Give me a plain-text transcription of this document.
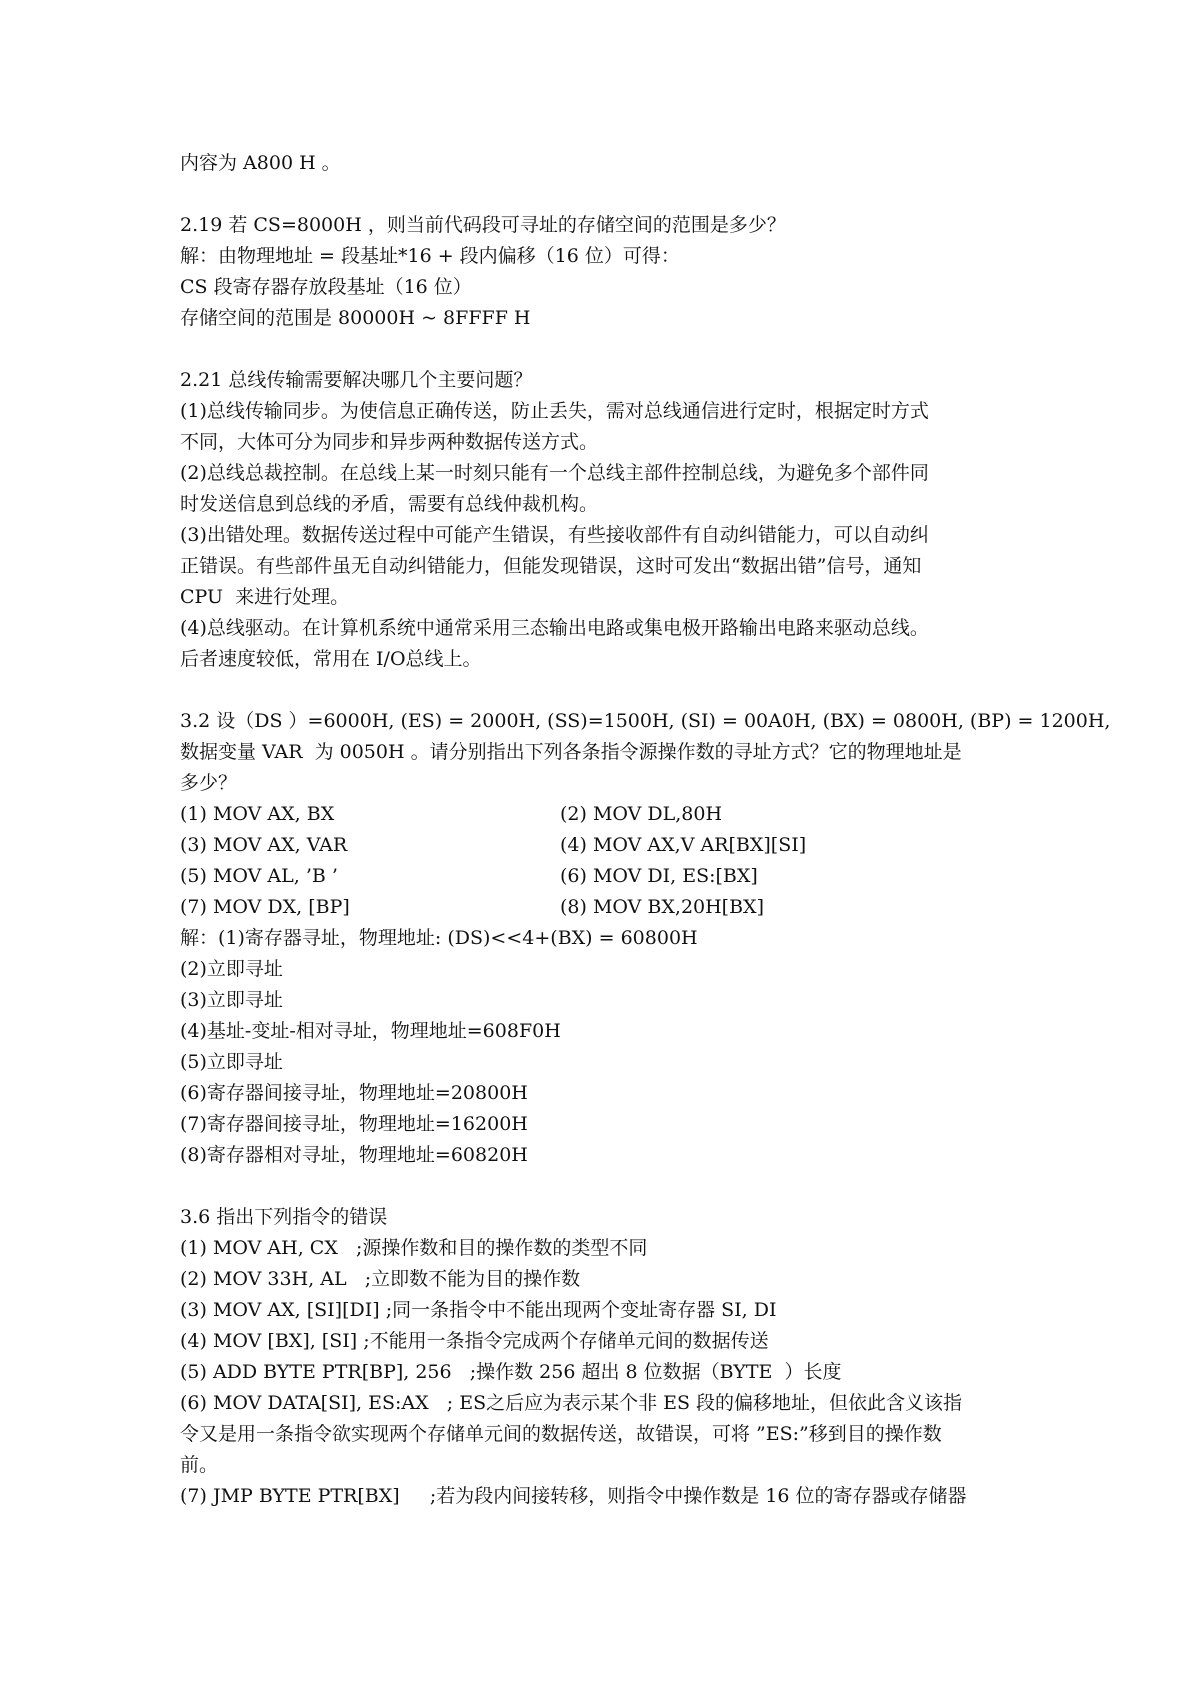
内容为 A800 H 。
2.19 若 CS=8000H ，则当前代码段可寻址的存储空间的范围是多少？
解：由物理地址 = 段基址*16 + 段内偏移（16 位）可得：
CS 段寄存器存放段基址（16 位）
存储空间的范围是 80000H ~ 8FFFF H
2.21 总线传输需要解决哪几个主要问题？
(1)总线传输同步。为使信息正确传送，防止丢失，需对总线通信进行定时，根据定时方式
不同，大体可分为同步和异步两种数据传送方式。
(2)总线总裁控制。在总线上某一时刻只能有一个总线主部件控制总线，为避免多个部件同
时发送信息到总线的矛盾，需要有总线仲裁机构。
(3)出错处理。数据传送过程中可能产生错误，有些接收部件有自动纠错能力，可以自动纠
正错误。有些部件虽无自动纠错能力，但能发现错误，这时可发出“数据出错”信号，通知
CPU  来进行处理。
(4)总线驱动。在计算机系统中通常采用三态输出电路或集电极开路输出电路来驱动总线。
后者速度较低，常用在 I/O总线上。
3.2 设（DS ）=6000H, (ES) = 2000H, (SS)=1500H, (SI) = 00A0H, (BX) = 0800H, (BP) = 1200H,
数据变量 VAR  为 0050H 。请分别指出下列各条指令源操作数的寻址方式？它的物理地址是
多少？
(1) MOV AX, BX	(2) MOV DL,80H
(3) MOV AX, VAR	(4) MOV AX,V AR[BX][SI]
(5) MOV AL, ’B ’	(6) MOV DI, ES:[BX]
(7) MOV DX, [BP]	(8) MOV BX,20H[BX]
解：(1)寄存器寻址，物理地址: (DS)<<4+(BX) = 60800H
(2)立即寻址
(3)立即寻址
(4)基址-变址-相对寻址，物理地址=608F0H
(5)立即寻址
(6)寄存器间接寻址，物理地址=20800H
(7)寄存器间接寻址，物理地址=16200H
(8)寄存器相对寻址，物理地址=60820H
3.6 指出下列指令的错误
(1) MOV AH, CX   ;源操作数和目的操作数的类型不同
(2) MOV 33H, AL   ;立即数不能为目的操作数
(3) MOV AX, [SI][DI] ;同一条指令中不能出现两个变址寄存器 SI, DI
(4) MOV [BX], [SI] ;不能用一条指令完成两个存储单元间的数据传送
(5) ADD BYTE PTR[BP], 256   ;操作数 256 超出 8 位数据（BYTE  ）长度
(6) MOV DATA[SI], ES:AX   ; ES之后应为表示某个非 ES 段的偏移地址，但依此含义该指
令又是用一条指令欲实现两个存储单元间的数据传送，故错误，可将 ”ES:”移到目的操作数
前。
(7) JMP BYTE PTR[BX]     ;若为段内间接转移，则指令中操作数是 16 位的寄存器或存储器
